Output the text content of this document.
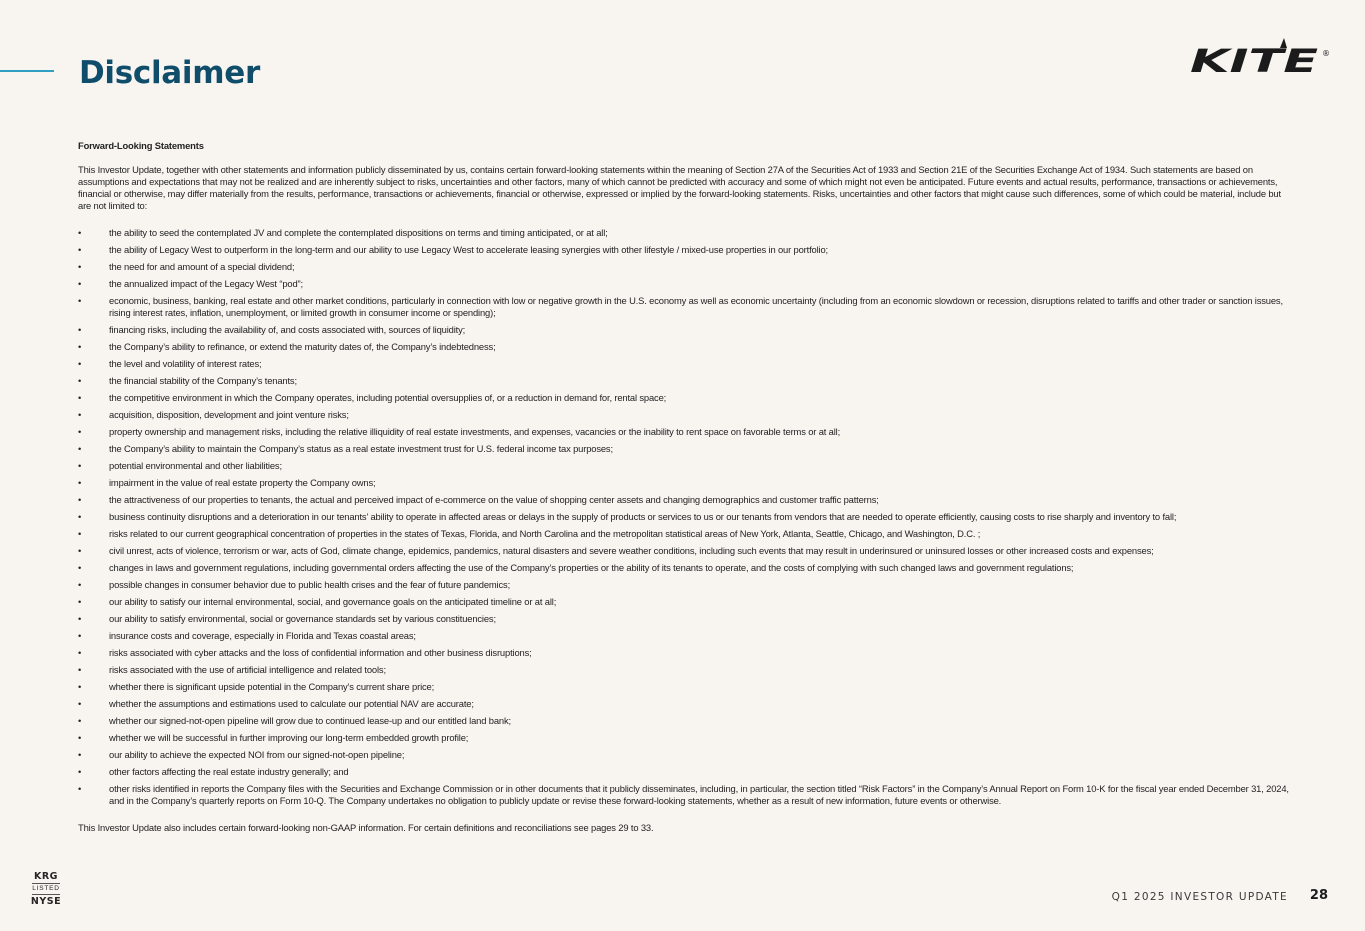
Disclaimer	KITE ®

Forward-Looking Statements

This Investor Update, together with other statements and information publicly disseminated by us, contains certain forward-looking statements within the meaning of Section 27A of the Securities Act of 1933 and Section 21E of the Securities Exchange Act of 1934. Such statements are based on assumptions and expectations that may not be realized and are inherently subject to risks, uncertainties and other factors, many of which cannot be predicted with accuracy and some of which might not even be anticipated. Future events and actual results, performance, transactions or achievements, financial or otherwise, may differ materially from the results, performance, transactions or achievements, financial or otherwise, expressed or implied by the forward-looking statements. Risks, uncertainties and other factors that might cause such differences, some of which could be material, include but are not limited to:

• the ability to seed the contemplated JV and complete the contemplated dispositions on terms and timing anticipated, or at all;
• the ability of Legacy West to outperform in the long-term and our ability to use Legacy West to accelerate leasing synergies with other lifestyle / mixed-use properties in our portfolio;
• the need for and amount of a special dividend;
• the annualized impact of the Legacy West “pod”;
• economic, business, banking, real estate and other market conditions, particularly in connection with low or negative growth in the U.S. economy as well as economic uncertainty (including from an economic slowdown or recession, disruptions related to tariffs and other trader or sanction issues, rising interest rates, inflation, unemployment, or limited growth in consumer income or spending);
• financing risks, including the availability of, and costs associated with, sources of liquidity;
• the Company’s ability to refinance, or extend the maturity dates of, the Company’s indebtedness;
• the level and volatility of interest rates;
• the financial stability of the Company’s tenants;
• the competitive environment in which the Company operates, including potential oversupplies of, or a reduction in demand for, rental space;
• acquisition, disposition, development and joint venture risks;
• property ownership and management risks, including the relative illiquidity of real estate investments, and expenses, vacancies or the inability to rent space on favorable terms or at all;
• the Company’s ability to maintain the Company’s status as a real estate investment trust for U.S. federal income tax purposes;
• potential environmental and other liabilities;
• impairment in the value of real estate property the Company owns;
• the attractiveness of our properties to tenants, the actual and perceived impact of e-commerce on the value of shopping center assets and changing demographics and customer traffic patterns;
• business continuity disruptions and a deterioration in our tenants’ ability to operate in affected areas or delays in the supply of products or services to us or our tenants from vendors that are needed to operate efficiently, causing costs to rise sharply and inventory to fall;
• risks related to our current geographical concentration of properties in the states of Texas, Florida, and North Carolina and the metropolitan statistical areas of New York, Atlanta, Seattle, Chicago, and Washington, D.C. ;
• civil unrest, acts of violence, terrorism or war, acts of God, climate change, epidemics, pandemics, natural disasters and severe weather conditions, including such events that may result in underinsured or uninsured losses or other increased costs and expenses;
• changes in laws and government regulations, including governmental orders affecting the use of the Company’s properties or the ability of its tenants to operate, and the costs of complying with such changed laws and government regulations;
• possible changes in consumer behavior due to public health crises and the fear of future pandemics;
• our ability to satisfy our internal environmental, social, and governance goals on the anticipated timeline or at all;
• our ability to satisfy environmental, social or governance standards set by various constituencies;
• insurance costs and coverage, especially in Florida and Texas coastal areas;
• risks associated with cyber attacks and the loss of confidential information and other business disruptions;
• risks associated with the use of artificial intelligence and related tools;
• whether there is significant upside potential in the Company’s current share price;
• whether the assumptions and estimations used to calculate our potential NAV are accurate;
• whether our signed-not-open pipeline will grow due to continued lease-up and our entitled land bank;
• whether we will be successful in further improving our long-term embedded growth profile;
• our ability to achieve the expected NOI from our signed-not-open pipeline;
• other factors affecting the real estate industry generally; and
• other risks identified in reports the Company files with the Securities and Exchange Commission or in other documents that it publicly disseminates, including, in particular, the section titled “Risk Factors” in the Company’s Annual Report on Form 10-K for the fiscal year ended December 31, 2024, and in the Company’s quarterly reports on Form 10-Q. The Company undertakes no obligation to publicly update or revise these forward-looking statements, whether as a result of new information, future events or otherwise.

This Investor Update also includes certain forward-looking non-GAAP information. For certain definitions and reconciliations see pages 29 to 33.

KRG
LISTED
NYSE	Q1 2025 INVESTOR UPDATE 28
